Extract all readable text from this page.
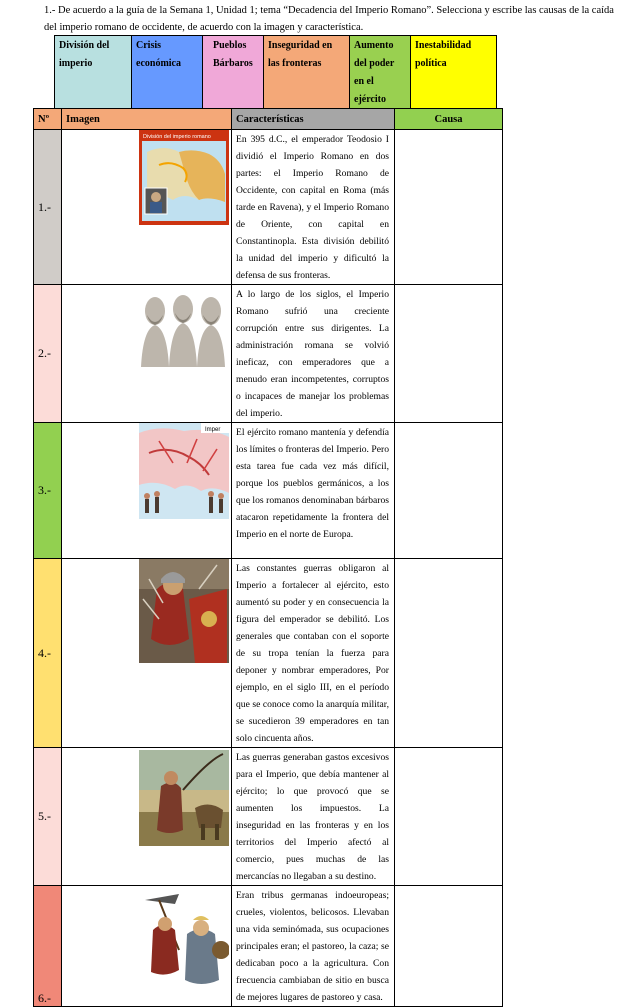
1.- De acuerdo a la guía de la Semana 1, Unidad 1; tema “Decadencia del Imperio Romano”. Selecciona y escribe las causas de la caída del imperio romano de occidente, de acuerdo con la imagen y característica.
División del imperio	Crisis económica	Pueblos Bárbaros	Inseguridad en las fronteras	Aumento del poder en el ejército	Inestabilidad política
Nº	Imagen	Características	Causa

1.-	División del imperio romano	En 395 d.C., el emperador Teodosio I dividió el Imperio Romano en dos partes: el Imperio Romano de Occidente, con capital en Roma (más tarde en Ravena), y el Imperio Romano de Oriente, con capital en Constantinopla. Esta división debilitó la unidad del imperio y dificultó la defensa de sus fronteras.	

2.-		A lo largo de los siglos, el Imperio Romano sufrió una creciente corrupción entre sus dirigentes. La administración romana se volvió ineficaz, con emperadores que a menudo eran incompetentes, corruptos o incapaces de manejar los problemas del imperio.	

3.-	Imper	El ejército romano mantenía y defendía los límites o fronteras del Imperio. Pero esta tarea fue cada vez más difícil, porque los pueblos germánicos, a los que los romanos denominaban bárbaros atacaron repetidamente la frontera del Imperio en el norte de Europa.	

4.-		Las constantes guerras obligaron al Imperio a fortalecer al ejército, esto aumentó su poder y en consecuencia la figura del emperador se debilitó. Los generales que contaban con el soporte de su tropa tenían la fuerza para deponer y nombrar emperadores, Por ejemplo, en el siglo III, en el período que se conoce como la anarquía militar, se sucedieron 39 emperadores en tan solo cincuenta años.	

5.-		Las guerras generaban gastos excesivos para el Imperio, que debía mantener al ejército; lo que provocó que se aumenten los impuestos. La inseguridad en las fronteras y en los territorios del Imperio afectó al comercio, pues muchas de las mercancías no llegaban a su destino.	

6.-		Eran tribus germanas indoeuropeas; crueles, violentos, belicosos. Llevaban una vida seminómada, sus ocupaciones principales eran; el pastoreo, la caza; se dedicaban poco a la agricultura. Con frecuencia cambiaban de sitio en busca de mejores lugares de pastoreo y casa.	
